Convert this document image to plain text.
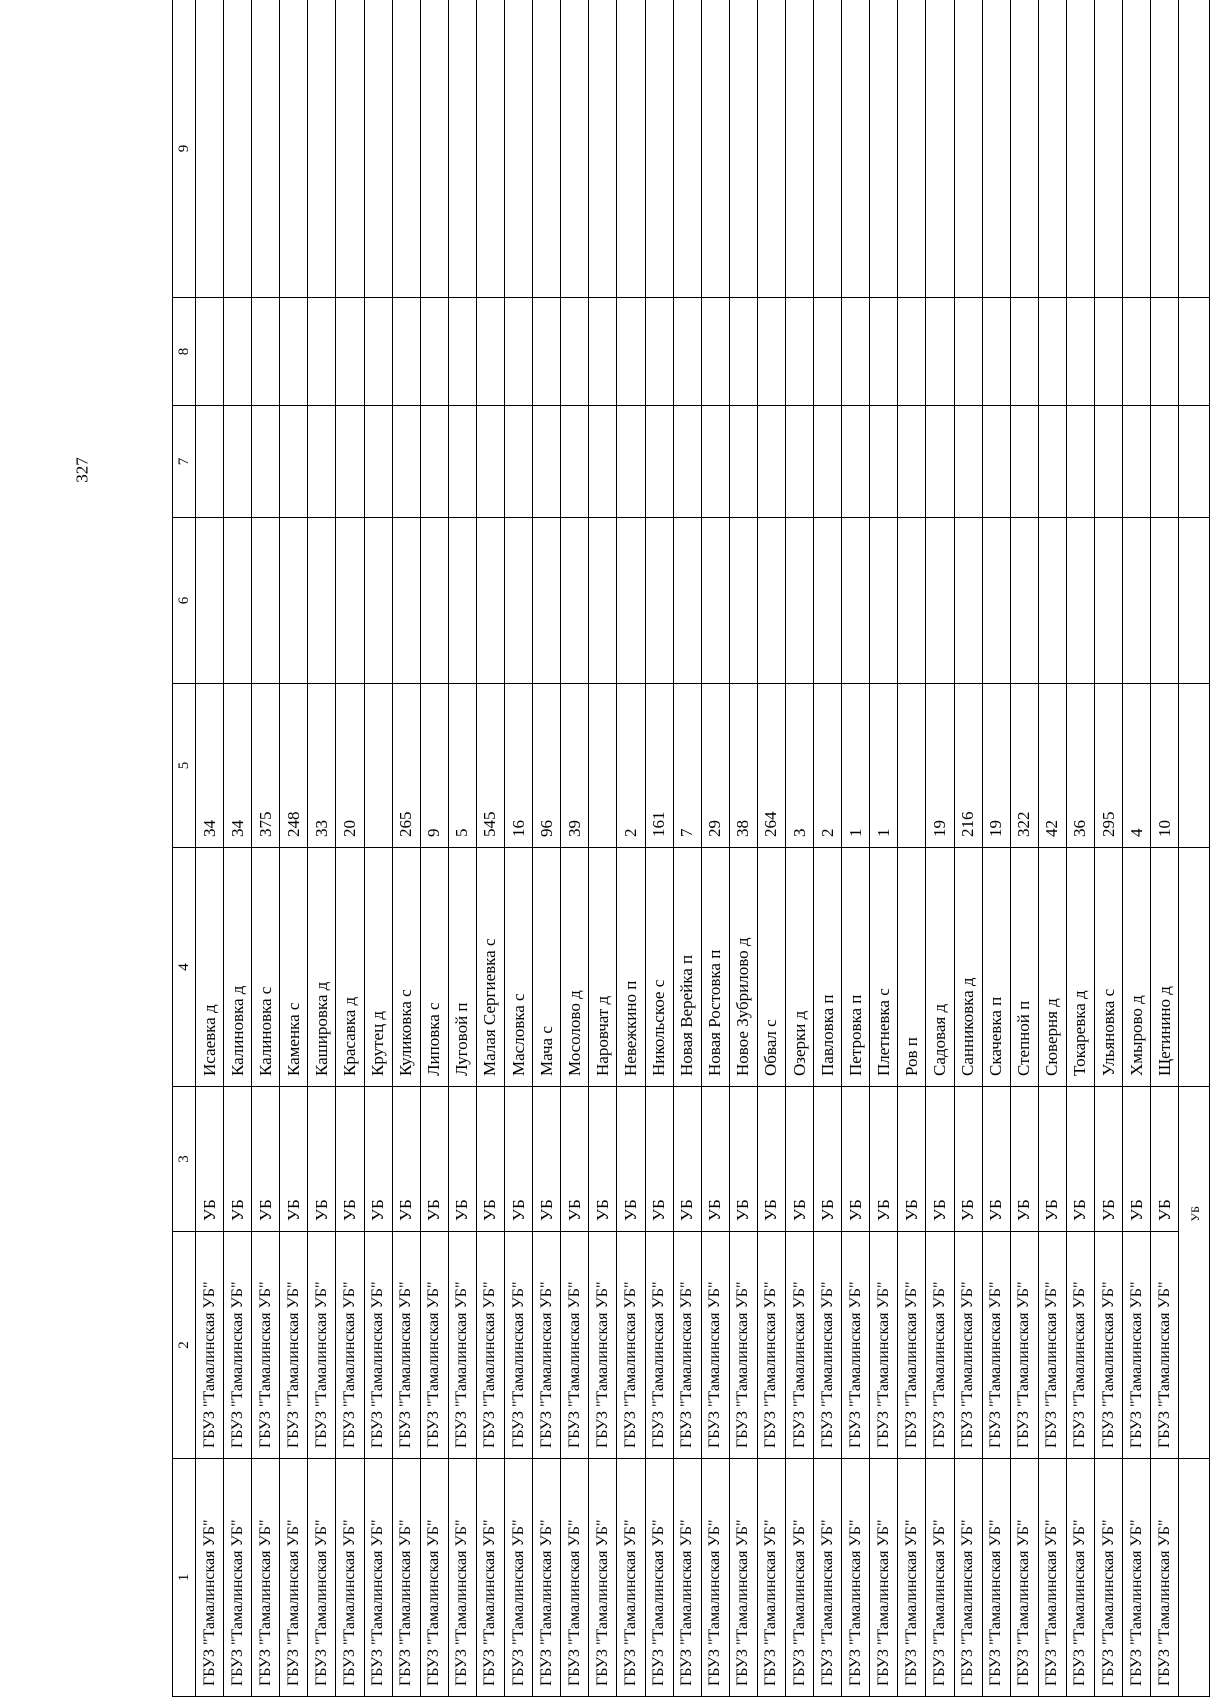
327
1	2	3	4	5	6	7	8	9
ГБУЗ "Тамалинская УБ"	ГБУЗ "Тамалинская УБ"	УБ	Исаевка д	34				
ГБУЗ "Тамалинская УБ"	ГБУЗ "Тамалинская УБ"	УБ	Калиновка д	34				
ГБУЗ "Тамалинская УБ"	ГБУЗ "Тамалинская УБ"	УБ	Калиновка с	375				
ГБУЗ "Тамалинская УБ"	ГБУЗ "Тамалинская УБ"	УБ	Каменка с	248				
ГБУЗ "Тамалинская УБ"	ГБУЗ "Тамалинская УБ"	УБ	Кашировка д	33				
ГБУЗ "Тамалинская УБ"	ГБУЗ "Тамалинская УБ"	УБ	Красавка д	20				
ГБУЗ "Тамалинская УБ"	ГБУЗ "Тамалинская УБ"	УБ	Крутец д					
ГБУЗ "Тамалинская УБ"	ГБУЗ "Тамалинская УБ"	УБ	Куликовка с	265				
ГБУЗ "Тамалинская УБ"	ГБУЗ "Тамалинская УБ"	УБ	Липовка с	9				
ГБУЗ "Тамалинская УБ"	ГБУЗ "Тамалинская УБ"	УБ	Луговой п	5				
ГБУЗ "Тамалинская УБ"	ГБУЗ "Тамалинская УБ"	УБ	Малая Сергиевка с	545				
ГБУЗ "Тамалинская УБ"	ГБУЗ "Тамалинская УБ"	УБ	Масловка с	16				
ГБУЗ "Тамалинская УБ"	ГБУЗ "Тамалинская УБ"	УБ	Мача с	96				
ГБУЗ "Тамалинская УБ"	ГБУЗ "Тамалинская УБ"	УБ	Мосолово д	39				
ГБУЗ "Тамалинская УБ"	ГБУЗ "Тамалинская УБ"	УБ	Наровчат д					
ГБУЗ "Тамалинская УБ"	ГБУЗ "Тамалинская УБ"	УБ	Невежкино п	2				
ГБУЗ "Тамалинская УБ"	ГБУЗ "Тамалинская УБ"	УБ	Никольское с	161				
ГБУЗ "Тамалинская УБ"	ГБУЗ "Тамалинская УБ"	УБ	Новая Верейка п	7				
ГБУЗ "Тамалинская УБ"	ГБУЗ "Тамалинская УБ"	УБ	Новая Ростовка п	29				
ГБУЗ "Тамалинская УБ"	ГБУЗ "Тамалинская УБ"	УБ	Новое Зубрилово д	38				
ГБУЗ "Тамалинская УБ"	ГБУЗ "Тамалинская УБ"	УБ	Обвал с	264				
ГБУЗ "Тамалинская УБ"	ГБУЗ "Тамалинская УБ"	УБ	Озерки д	3				
ГБУЗ "Тамалинская УБ"	ГБУЗ "Тамалинская УБ"	УБ	Павловка п	2				
ГБУЗ "Тамалинская УБ"	ГБУЗ "Тамалинская УБ"	УБ	Петровка п	1				
ГБУЗ "Тамалинская УБ"	ГБУЗ "Тамалинская УБ"	УБ	Плетневка с	1				
ГБУЗ "Тамалинская УБ"	ГБУЗ "Тамалинская УБ"	УБ	Ров п					
ГБУЗ "Тамалинская УБ"	ГБУЗ "Тамалинская УБ"	УБ	Садовая д	19				
ГБУЗ "Тамалинская УБ"	ГБУЗ "Тамалинская УБ"	УБ	Санниковка д	216				
ГБУЗ "Тамалинская УБ"	ГБУЗ "Тамалинская УБ"	УБ	Скачевка п	19				
ГБУЗ "Тамалинская УБ"	ГБУЗ "Тамалинская УБ"	УБ	Степной п	322				
ГБУЗ "Тамалинская УБ"	ГБУЗ "Тамалинская УБ"	УБ	Сюверня д	42				
ГБУЗ "Тамалинская УБ"	ГБУЗ "Тамалинская УБ"	УБ	Токаревка д	36				
ГБУЗ "Тамалинская УБ"	ГБУЗ "Тамалинская УБ"	УБ	Ульяновка с	295				
ГБУЗ "Тамалинская УБ"	ГБУЗ "Тамалинская УБ"	УБ	Хмырово д	4				
ГБУЗ "Тамалинская УБ"	ГБУЗ "Тамалинская УБ"	УБ	Щетинино д	10				
		УБ						
